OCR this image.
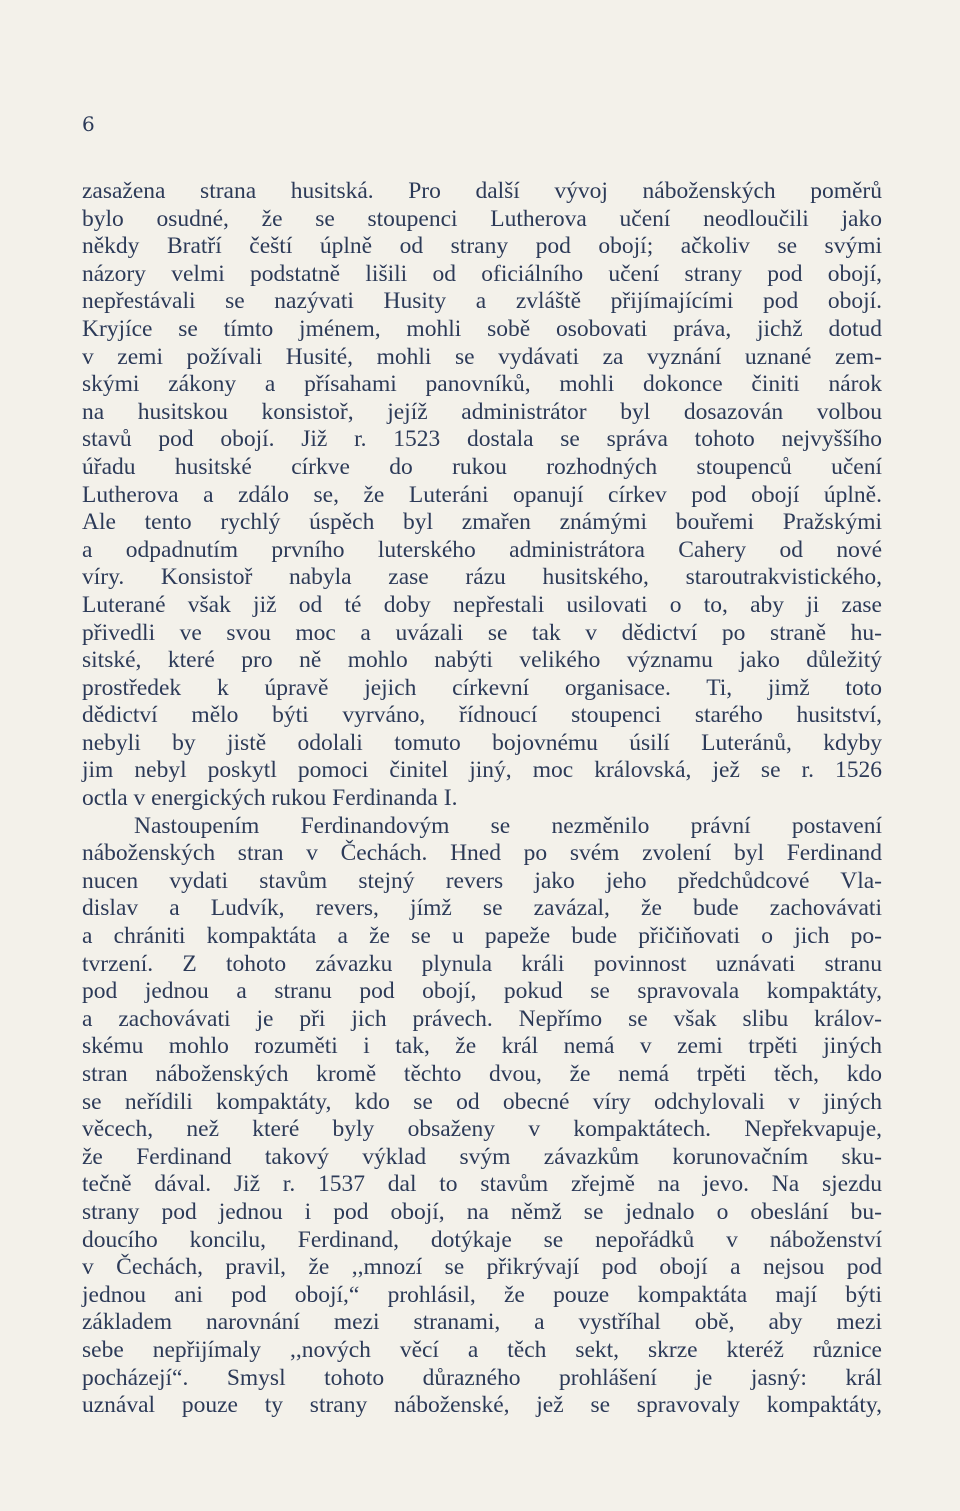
6
zasažena strana husitská. Pro další vývoj náboženských poměrů
bylo osudné, že se stoupenci Lutherova učení neodloučili jako
někdy Bratří čeští úplně od strany pod obojí; ačkoliv se svými
názory velmi podstatně lišili od oficiálního učení strany pod obojí,
nepřestávali se nazývati Husity a zvláště přijímajícími pod obojí.
Kryjíce se tímto jménem, mohli sobě osobovati práva, jichž dotud
v zemi požívali Husité, mohli se vydávati za vyznání uznané zem-
skými zákony a přísahami panovníků, mohli dokonce činiti nárok
na husitskou konsistoř, jejíž administrátor byl dosazován volbou
stavů pod obojí. Již r. 1523 dostala se správa tohoto nejvyššího
úřadu husitské církve do rukou rozhodných stoupenců učení
Lutherova a zdálo se, že Luteráni opanují církev pod obojí úplně.
Ale tento rychlý úspěch byl zmařen známými bouřemi Pražskými
a odpadnutím prvního luterského administrátora Cahery od nové
víry. Konsistoř nabyla zase rázu husitského, staroutrakvistického,
Luterané však již od té doby nepřestali usilovati o to, aby ji zase
přivedli ve svou moc a uvázali se tak v dědictví po straně hu-
sitské, které pro ně mohlo nabýti velikého významu jako důležitý
prostředek k úpravě jejich církevní organisace. Ti, jimž toto
dědictví mělo býti vyrváno, řídnoucí stoupenci starého husitství,
nebyli by jistě odolali tomuto bojovnému úsilí Luteránů, kdyby
jim nebyl poskytl pomoci činitel jiný, moc královská, jež se r. 1526
octla v energických rukou Ferdinanda I.
Nastoupením Ferdinandovým se nezměnilo právní postavení
náboženských stran v Čechách. Hned po svém zvolení byl Ferdinand
nucen vydati stavům stejný revers jako jeho předchůdcové Vla-
dislav a Ludvík, revers, jímž se zavázal, že bude zachovávati
a chrániti kompaktáta a že se u papeže bude přičiňovati o jich po-
tvrzení. Z tohoto závazku plynula králi povinnost uznávati stranu
pod jednou a stranu pod obojí, pokud se spravovala kompaktáty,
a zachovávati je při jich právech. Nepřímo se však slibu králov-
skému mohlo rozuměti i tak, že král nemá v zemi trpěti jiných
stran náboženských kromě těchto dvou, že nemá trpěti těch, kdo
se neřídili kompaktáty, kdo se od obecné víry odchylovali v jiných
věcech, než které byly obsaženy v kompaktátech. Nepřekvapuje,
že Ferdinand takový výklad svým závazkům korunovačním sku-
tečně dával. Již r. 1537 dal to stavům zřejmě na jevo. Na sjezdu
strany pod jednou i pod obojí, na němž se jednalo o obeslání bu-
doucího koncilu, Ferdinand, dotýkaje se nepořádků v náboženství
v Čechách, pravil, že ,,mnozí se přikrývají pod obojí a nejsou pod
jednou ani pod obojí,“ prohlásil, že pouze kompaktáta mají býti
základem narovnání mezi stranami, a vystříhal obě, aby mezi
sebe nepřijímaly ,,nových věcí a těch sekt, skrze kteréž různice
pocházejí“. Smysl tohoto důrazného prohlášení je jasný: král
uznával pouze ty strany náboženské, jež se spravovaly kompaktáty,
